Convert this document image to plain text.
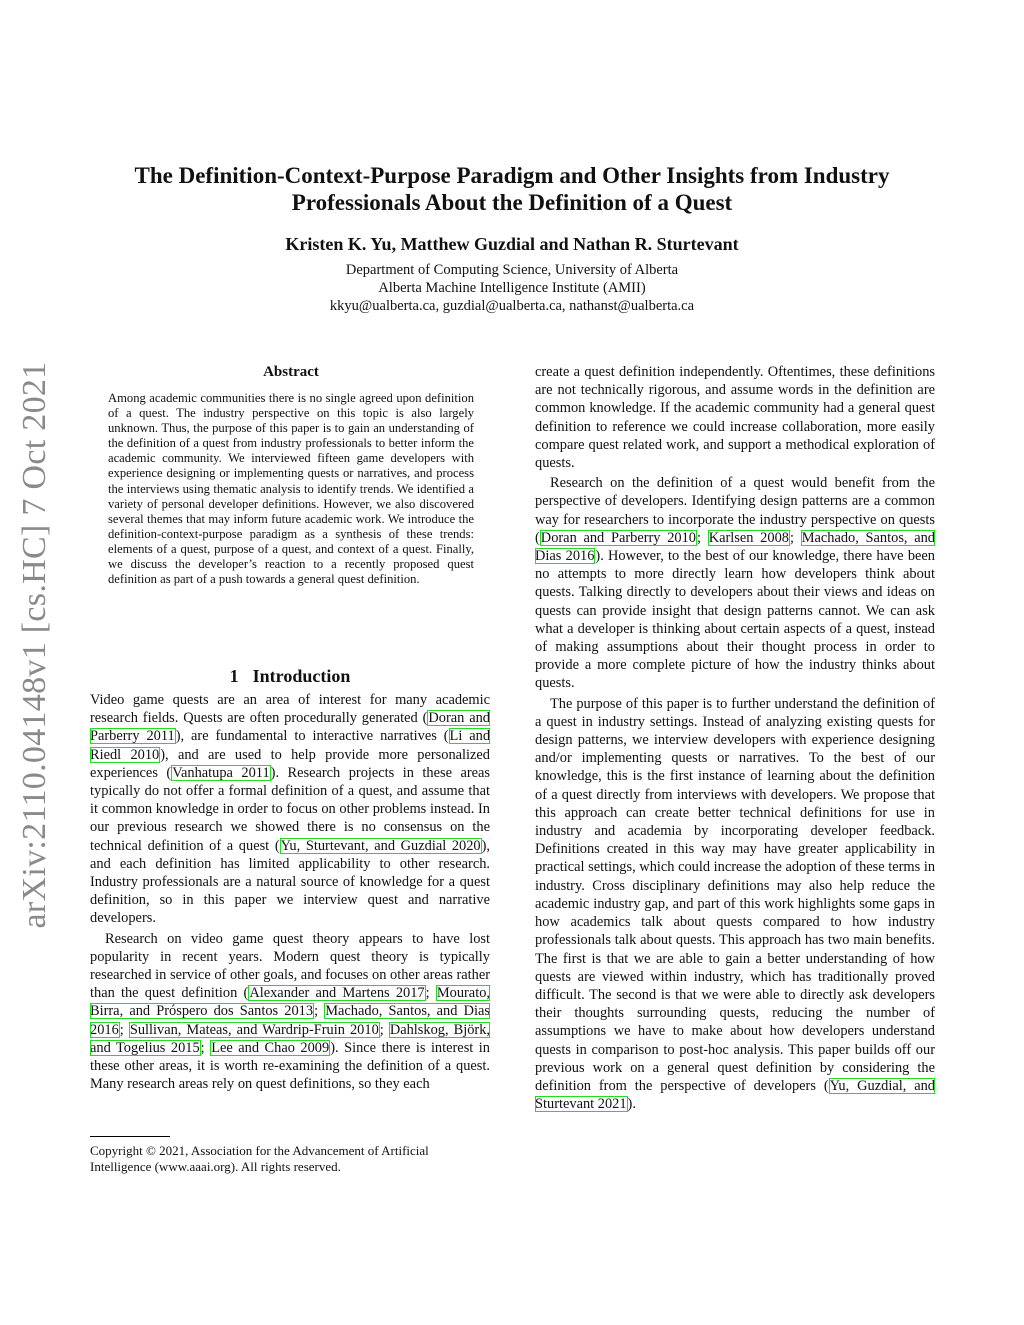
arXiv:2110.04148v1 [cs.HC] 7 Oct 2021
The Definition-Context-Purpose Paradigm and Other Insights from Industry
Professionals About the Definition of a Quest
Kristen K. Yu, Matthew Guzdial and Nathan R. Sturtevant
Department of Computing Science, University of Alberta
Alberta Machine Intelligence Institute (AMII)
kkyu@ualberta.ca, guzdial@ualberta.ca, nathanst@ualberta.ca
Abstract
Among academic communities there is no single agreed upon definition of a quest. The industry perspective on this topic is also largely unknown. Thus, the purpose of this paper is to gain an understanding of the definition of a quest from industry professionals to better inform the academic community. We interviewed fifteen game developers with experience designing or implementing quests or narratives, and process the interviews using thematic analysis to identify trends. We identified a variety of personal developer definitions. However, we also discovered several themes that may inform future academic work. We introduce the definition-context-purpose paradigm as a synthesis of these trends: elements of a quest, purpose of a quest, and context of a quest. Finally, we discuss the developer’s reaction to a recently proposed quest definition as part of a push towards a general quest definition.
1 Introduction

Video game quests are an area of interest for many academic research fields. Quests are often procedurally generated (Doran and Parberry 2011), are fundamental to interactive narratives (Li and Riedl 2010), and are used to help provide more personalized experiences (Vanhatupa 2011). Research projects in these areas typically do not offer a formal definition of a quest, and assume that it common knowledge in order to focus on other problems instead. In our previous research we showed there is no consensus on the technical definition of a quest (Yu, Sturtevant, and Guzdial 2020), and each definition has limited applicability to other research. Industry professionals are a natural source of knowledge for a quest definition, so in this paper we interview quest and narrative developers.

Research on video game quest theory appears to have lost popularity in recent years. Modern quest theory is typically researched in service of other goals, and focuses on other areas rather than the quest definition (Alexander and Martens 2017; Mourato, Birra, and Próspero dos Santos 2013; Machado, Santos, and Dias 2016; Sullivan, Mateas, and Wardrip-Fruin 2010; Dahlskog, Björk, and Togelius 2015; Lee and Chao 2009). Since there is interest in these other areas, it is worth re-examining the definition of a quest. Many research areas rely on quest definitions, so they each

Copyright © 2021, Association for the Advancement of Artificial Intelligence (www.aaai.org). All rights reserved.

create a quest definition independently. Oftentimes, these definitions are not technically rigorous, and assume words in the definition are common knowledge. If the academic community had a general quest definition to reference we could increase collaboration, more easily compare quest related work, and support a methodical exploration of quests.

Research on the definition of a quest would benefit from the perspective of developers. Identifying design patterns are a common way for researchers to incorporate the industry perspective on quests (Doran and Parberry 2010; Karlsen 2008; Machado, Santos, and Dias 2016). However, to the best of our knowledge, there have been no attempts to more directly learn how developers think about quests. Talking directly to developers about their views and ideas on quests can provide insight that design patterns cannot. We can ask what a developer is thinking about certain aspects of a quest, instead of making assumptions about their thought process in order to provide a more complete picture of how the industry thinks about quests.

The purpose of this paper is to further understand the definition of a quest in industry settings. Instead of analyzing existing quests for design patterns, we interview developers with experience designing and/or implementing quests or narratives. To the best of our knowledge, this is the first instance of learning about the definition of a quest directly from interviews with developers. We propose that this approach can create better technical definitions for use in industry and academia by incorporating developer feedback. Definitions created in this way may have greater applicability in practical settings, which could increase the adoption of these terms in industry. Cross disciplinary definitions may also help reduce the academic industry gap, and part of this work highlights some gaps in how academics talk about quests compared to how industry professionals talk about quests. This approach has two main benefits. The first is that we are able to gain a better understanding of how quests are viewed within industry, which has traditionally proved difficult. The second is that we were able to directly ask developers their thoughts surrounding quests, reducing the number of assumptions we have to make about how developers understand quests in comparison to post-hoc analysis. This paper builds off our previous work on a general quest definition by considering the definition from the perspective of developers (Yu, Guzdial, and Sturtevant 2021).
